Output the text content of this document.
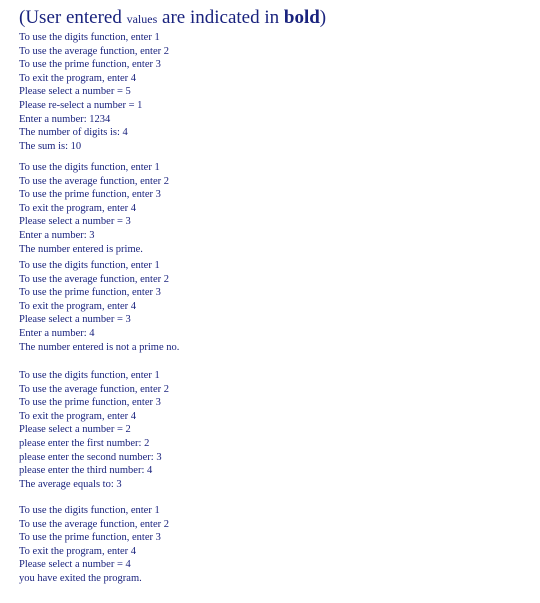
(User entered values are indicated in bold)
To use the digits function, enter 1
To use the average function, enter 2
To use the prime function, enter 3
To exit the program, enter 4
Please select a number = 5
Please re-select a number = 1
Enter a number: 1234
The number of digits is: 4
The sum is: 10
To use the digits function, enter 1
To use the average function, enter 2
To use the prime function, enter 3
To exit the program, enter 4
Please select a number = 3
Enter a number: 3
The number entered is prime.
To use the digits function, enter 1
To use the average function, enter 2
To use the prime function, enter 3
To exit the program, enter 4
Please select a number = 3
Enter a number: 4
The number entered is not a prime no.
To use the digits function, enter 1
To use the average function, enter 2
To use the prime function, enter 3
To exit the program, enter 4
Please select a number = 2
please enter the first number: 2
please enter the second number: 3
please enter the third number: 4
The average equals to: 3
To use the digits function, enter 1
To use the average function, enter 2
To use the prime function, enter 3
To exit the program, enter 4
Please select a number = 4
you have exited the program.
